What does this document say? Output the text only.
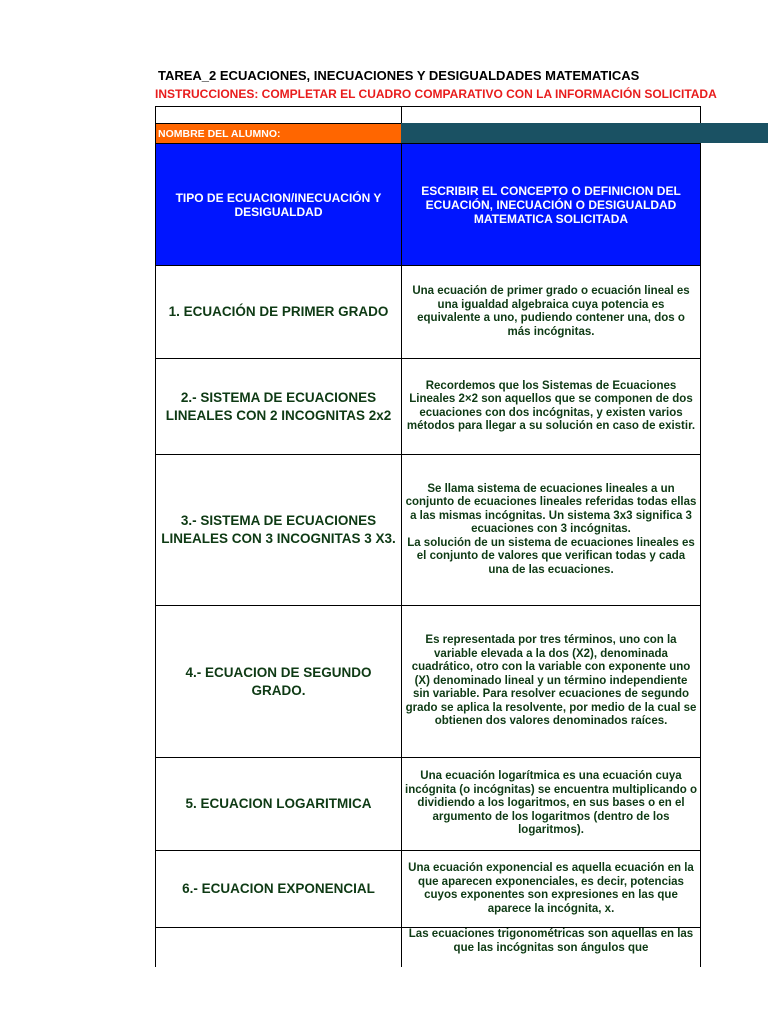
TAREA_2 ECUACIONES, INECUACIONES Y DESIGUALDADES MATEMATICAS
INSTRUCCIONES: COMPLETAR EL CUADRO COMPARATIVO CON LA INFORMACIÓN SOLICITADA
NOMBRE DEL ALUMNO:
TIPO DE ECUACION/INECUACIÓN Y DESIGUALDAD
ESCRIBIR EL CONCEPTO O DEFINICION DEL ECUACIÓN, INECUACIÓN O DESIGUALDAD MATEMATICA SOLICITADA
1. ECUACIÓN DE PRIMER GRADO
Una ecuación de primer grado o ecuación lineal es una igualdad algebraica cuya potencia es equivalente a uno, pudiendo contener una, dos o más incógnitas.
2.- SISTEMA DE ECUACIONES LINEALES CON 2 INCOGNITAS 2x2
Recordemos que los Sistemas de Ecuaciones Lineales 2×2 son aquellos que se componen de dos ecuaciones con dos incógnitas, y existen varios métodos para llegar a su solución en caso de existir.
3.- SISTEMA DE ECUACIONES LINEALES CON 3 INCOGNITAS 3 X3.
Se llama sistema de ecuaciones lineales a un conjunto de ecuaciones lineales referidas todas ellas a las mismas incógnitas. Un sistema 3x3 significa 3 ecuaciones con 3 incógnitas.
La solución de un sistema de ecuaciones lineales es el conjunto de valores que verifican todas y cada una de las ecuaciones.
4.- ECUACION DE SEGUNDO GRADO.
Es representada por tres términos, uno con la variable elevada a la dos (X2), denominada cuadrático, otro con la variable con exponente uno (X) denominado lineal y un término independiente sin variable. Para resolver ecuaciones de segundo grado se aplica la resolvente, por medio de la cual se obtienen dos valores denominados raíces.
5. ECUACION LOGARITMICA
Una ecuación logarítmica es una ecuación cuya incógnita (o incógnitas) se encuentra multiplicando o dividiendo a los logaritmos, en sus bases o en el argumento de los logaritmos (dentro de los logaritmos).
6.- ECUACION EXPONENCIAL
Una ecuación exponencial es aquella ecuación en la que aparecen exponenciales, es decir, potencias cuyos exponentes son expresiones en las que aparece la incógnita, x.
Las ecuaciones trigonométricas son aquellas en las que las incógnitas son ángulos que
